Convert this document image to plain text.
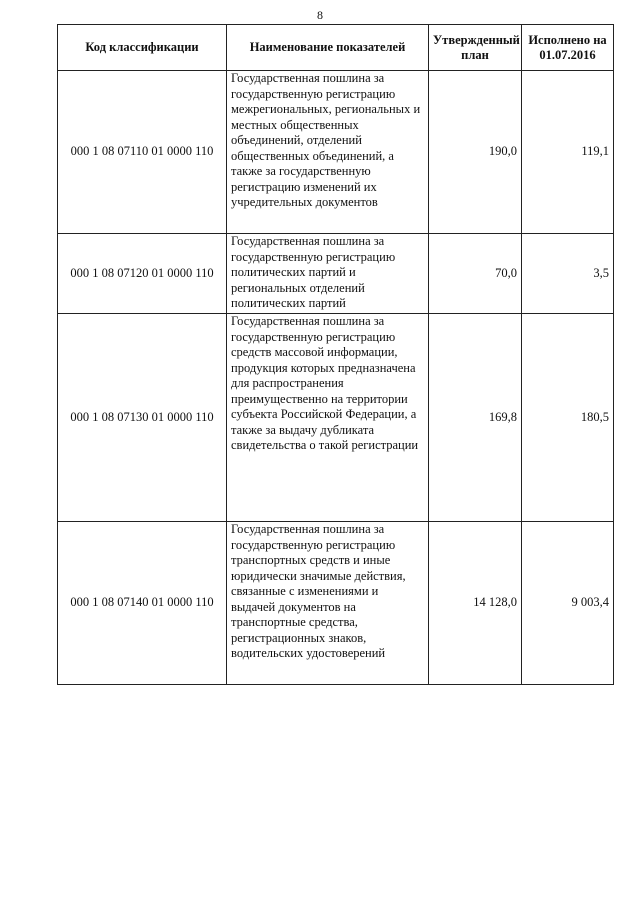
8
Код классификации	Наименование показателей	Утвержденный план	Исполнено на 01.07.2016
000 1 08 07110 01 0000 110	Государственная пошлина за государственную регистрацию межрегиональных, региональных и местных общественных объединений, отделений общественных объединений, а также за государственную регистрацию изменений их учредительных документов	190,0	119,1
000 1 08 07120 01 0000 110	Государственная пошлина за государственную регистрацию политических партий и региональных отделений политических партий	70,0	3,5
000 1 08 07130 01 0000 110	Государственная пошлина за государственную регистрацию средств массовой информации, продукция которых предназначена для распространения преимущественно на территории субъекта Российской Федерации, а также за выдачу дубликата свидетельства о такой регистрации	169,8	180,5
000 1 08 07140 01 0000 110	Государственная пошлина за государственную регистрацию транспортных средств и иные юридически значимые действия, связанные с изменениями и выдачей документов на транспортные средства, регистрационных знаков, водительских удостоверений	14 128,0	9 003,4
